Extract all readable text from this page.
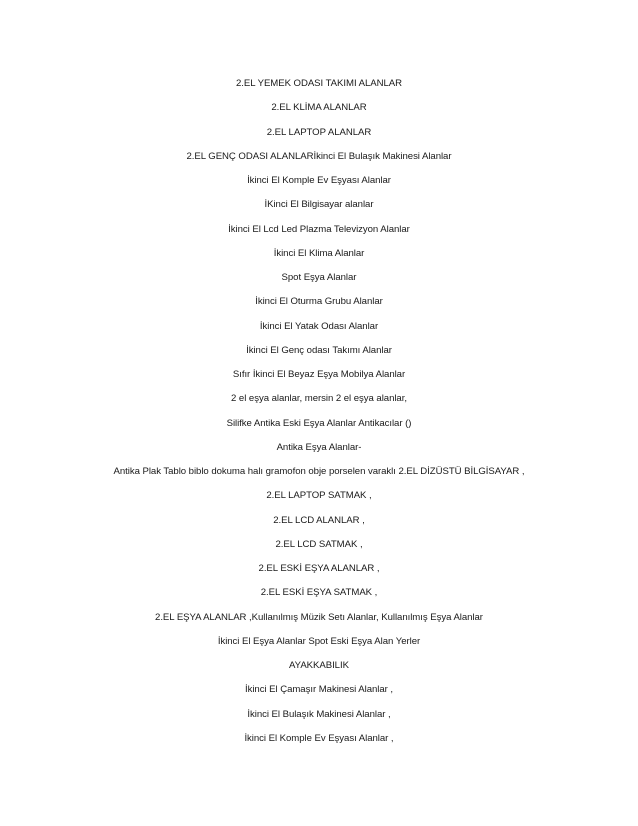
2.EL YEMEK ODASI TAKIMI ALANLAR
2.EL KLİMA ALANLAR
2.EL LAPTOP ALANLAR
2.EL GENÇ ODASI ALANLARİkinci El Bulaşık Makinesi Alanlar
İkinci El Komple Ev Eşyası Alanlar
İKinci El Bilgisayar alanlar
İkinci El Lcd Led Plazma Televizyon Alanlar
İkinci El Klima Alanlar
Spot Eşya Alanlar
İkinci El Oturma Grubu Alanlar
İkinci El Yatak Odası Alanlar
İkinci El Genç odası Takımı Alanlar
Sıfır İkinci El Beyaz Eşya Mobilya Alanlar
2 el eşya alanlar, mersin 2 el eşya alanlar,
Silifke Antika Eski Eşya Alanlar Antikacılar ()
Antika Eşya Alanlar-
Antika Plak Tablo biblo dokuma halı gramofon obje porselen varaklı 2.EL DİZÜSTÜ BİLGİSAYAR ,
2.EL LAPTOP SATMAK ,
2.EL LCD ALANLAR ,
2.EL LCD SATMAK ,
2.EL ESKİ EŞYA ALANLAR ,
2.EL ESKİ EŞYA SATMAK ,
2.EL EŞYA ALANLAR ,Kullanılmış Müzik Setı Alanlar, Kullanılmış Eşya Alanlar
İkinci El Eşya Alanlar Spot Eski Eşya Alan Yerler
AYAKKABILIK
İkinci El Çamaşır Makinesi Alanlar ,
İkinci El Bulaşık Makinesi Alanlar ,
İkinci El Komple Ev Eşyası Alanlar ,
